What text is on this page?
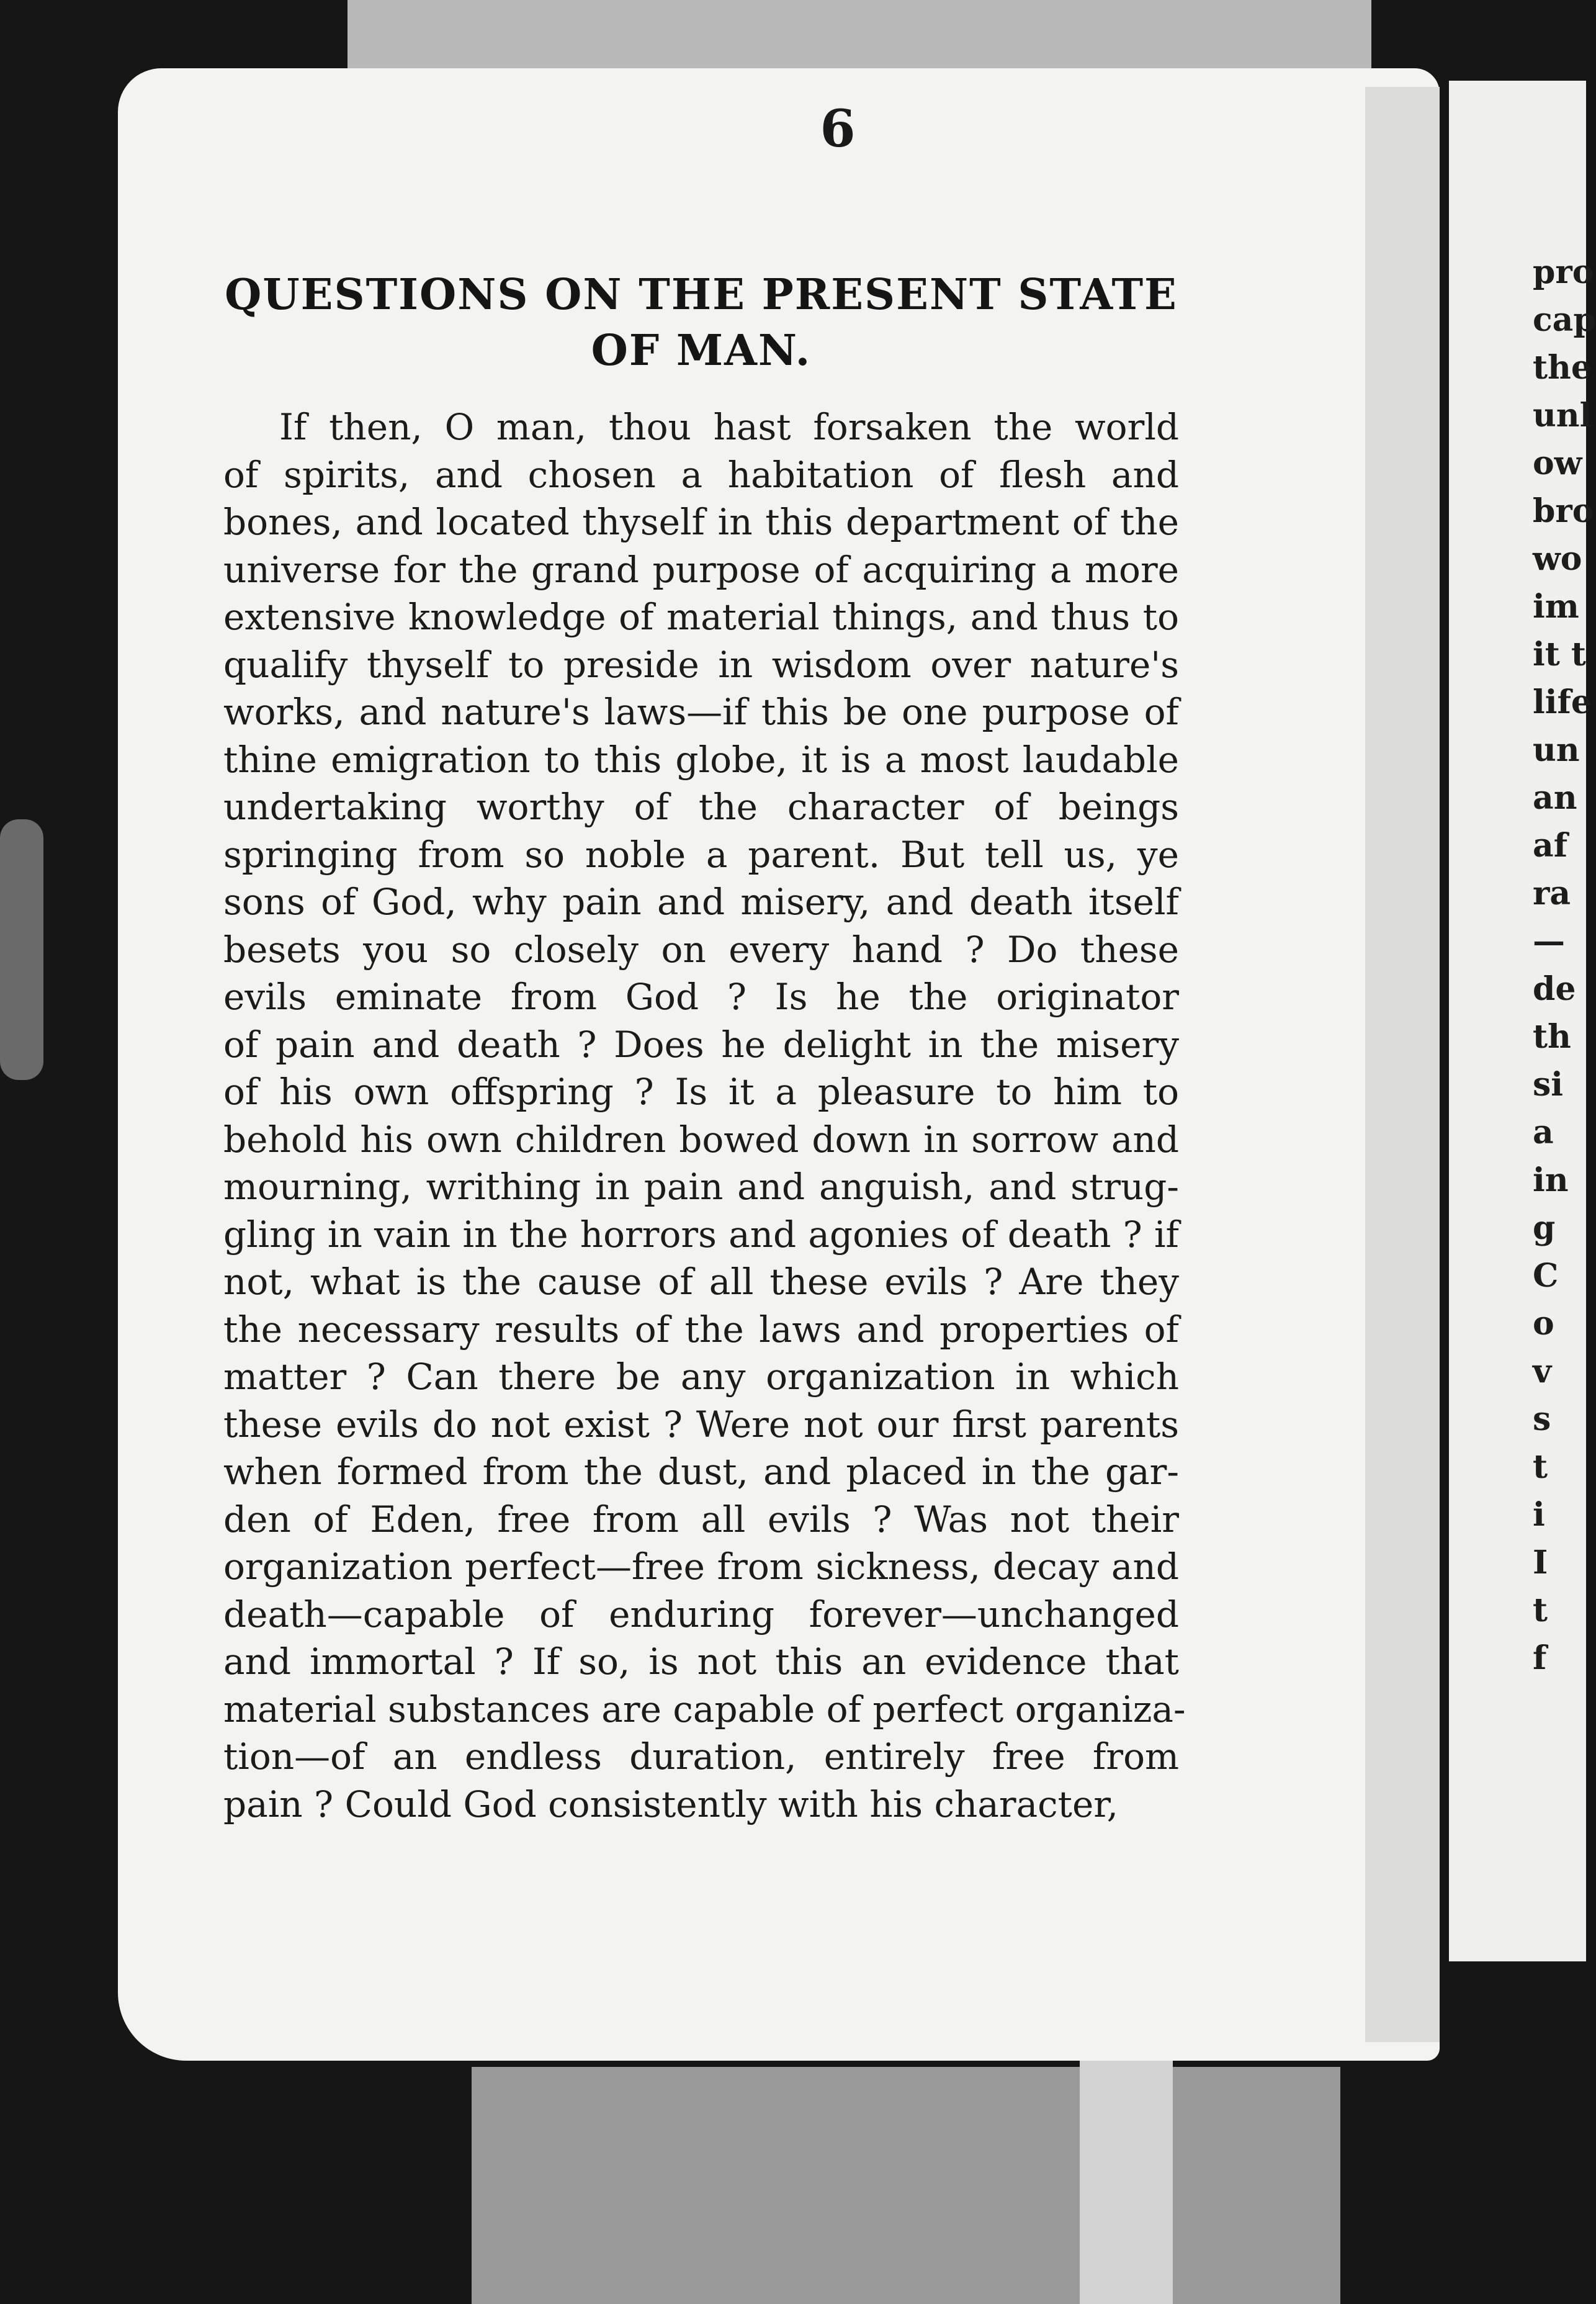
6
QUESTIONS ON THE PRESENT STATE
OF MAN.
If then, O man, thou hast forsaken the world
of spirits, and chosen a habitation of flesh and
bones, and located thyself in this department of the
universe for the grand purpose of acquiring a more
extensive knowledge of material things, and thus to
qualify thyself to preside in wisdom over nature's
works, and nature's laws—if this be one purpose of
thine emigration to this globe, it is a most laudable
undertaking worthy of the character of beings
springing from so noble a parent. But tell us, ye
sons of God, why pain and misery, and death itself
besets you so closely on every hand ? Do these
evils eminate from God ? Is he the originator
of pain and death ? Does he delight in the misery
of his own offspring ? Is it a pleasure to him to
behold his own children bowed down in sorrow and
mourning, writhing in pain and anguish, and strug-
gling in vain in the horrors and agonies of death ? if
not, what is the cause of all these evils ? Are they
the necessary results of the laws and properties of
matter ? Can there be any organization in which
these evils do not exist ? Were not our first parents
when formed from the dust, and placed in the gar-
den of Eden, free from all evils ? Was not their
organization perfect—free from sickness, decay and
death—capable of enduring forever—unchanged
and immortal ? If so, is not this an evidence that
material substances are capable of perfect organiza-
tion—of an endless duration, entirely free from
pain ? Could God consistently with his character,
pro
cap
the
unl
ow
bro
wo
im
it t
life
un
an
af
ra
—
de
th
si
a
in
g
C
o
v
s
t
i
I
t
f
